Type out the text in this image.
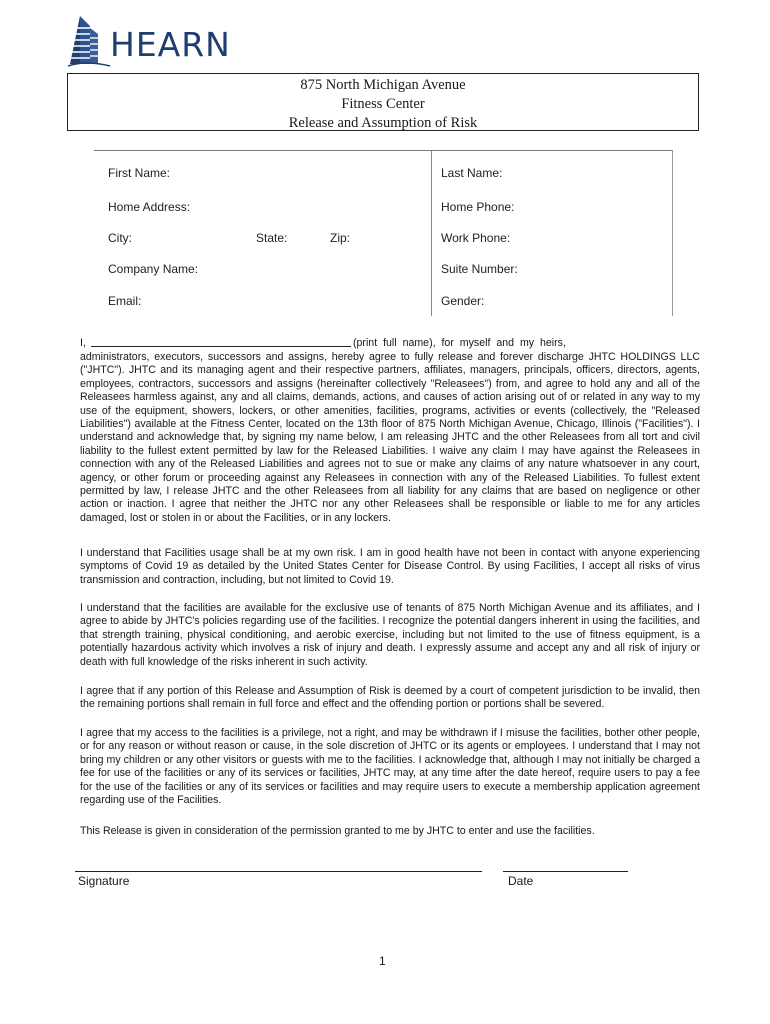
HEARN
875 North Michigan Avenue
Fitness Center
Release and Assumption of Risk
First Name:	Last Name:
Home Address:	Home Phone:
City:	State:	Zip:	Work Phone:
Company Name:	Suite Number:
Email:	Gender:
I,	(print full name), for myself and my heirs,

administrators, executors, successors and assigns, hereby agree to fully release and forever discharge JHTC HOLDINGS LLC ("JHTC"). JHTC and its managing agent and their respective partners, affiliates, managers, principals, officers, directors, agents, employees, contractors, successors and assigns (hereinafter collectively "Releasees") from, and agree to hold any and all of the Releasees harmless against, any and all claims, demands, actions, and causes of action arising out of or related in any way to my use of the equipment, showers, lockers, or other amenities, facilities, programs, activities or events (collectively, the "Released Liabilities") available at the Fitness Center, located on the 13th floor of 875 North Michigan Avenue, Chicago, Illinois ("Facilities"). I understand and acknowledge that, by signing my name below, I am releasing JHTC and the other Releasees from all tort and civil liability to the fullest extent permitted by law for the Released Liabilities. I waive any claim I may have against the Releasees in connection with any of the Released Liabilities and agrees not to sue or make any claims of any nature whatsoever in any court, agency, or other forum or proceeding against any Releasees in connection with any of the Released Liabilities. To fullest extent permitted by law, I release JHTC and the other Releasees from all liability for any claims that are based on negligence or other action or inaction. I agree that neither the JHTC nor any other Releasees shall be responsible or liable to me for any articles damaged, lost or stolen in or about the Facilities, or in any lockers.

I understand that Facilities usage shall be at my own risk. I am in good health have not been in contact with anyone experiencing symptoms of Covid 19 as detailed by the United States Center for Disease Control. By using Facilities, I accept all risks of virus transmission and contraction, including, but not limited to Covid 19.

I understand that the facilities are available for the exclusive use of tenants of 875 North Michigan Avenue and its affiliates, and I agree to abide by JHTC's policies regarding use of the facilities. I recognize the potential dangers inherent in using the facilities, and that strength training, physical conditioning, and aerobic exercise, including but not limited to the use of fitness equipment, is a potentially hazardous activity which involves a risk of injury and death. I expressly assume and accept any and all risk of injury or death with full knowledge of the risks inherent in such activity.

I agree that if any portion of this Release and Assumption of Risk is deemed by a court of competent jurisdiction to be invalid, then the remaining portions shall remain in full force and effect and the offending portion or portions shall be severed.

I agree that my access to the facilities is a privilege, not a right, and may be withdrawn if I misuse the facilities, bother other people, or for any reason or without reason or cause, in the sole discretion of JHTC or its agents or employees. I understand that I may not bring my children or any other visitors or guests with me to the facilities. I acknowledge that, although I may not initially be charged a fee for use of the facilities or any of its services or facilities, JHTC may, at any time after the date hereof, require users to pay a fee for the use of the facilities or any of its services or facilities and may require users to execute a membership application agreement regarding use of the Facilities.

This Release is given in consideration of the permission granted to me by JHTC to enter and use the facilities.

Signature	Date
1
